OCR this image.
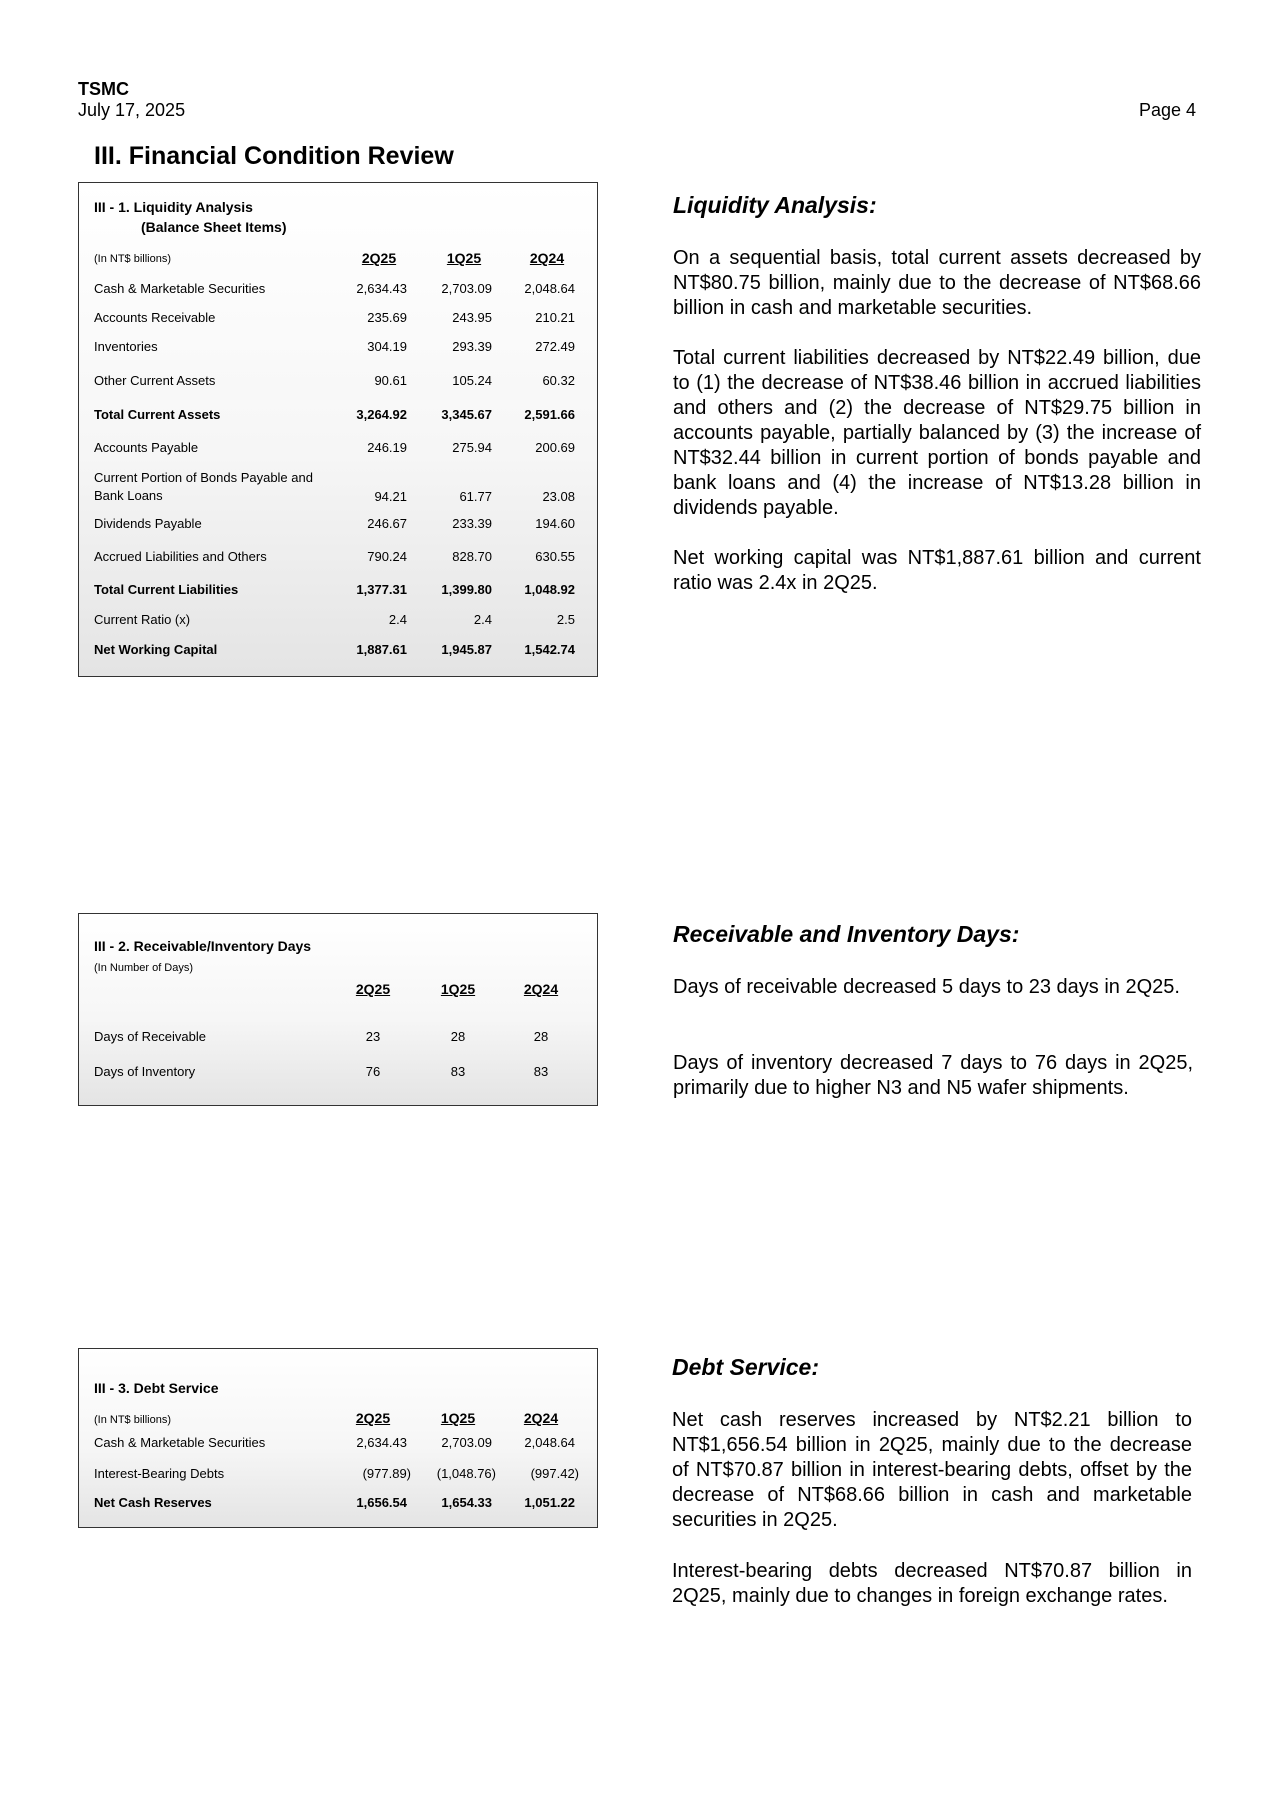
TSMC
July 17, 2025	Page 4
III. Financial Condition Review
III - 1. Liquidity Analysis
(Balance Sheet Items)
(In NT$ billions)	2Q25	1Q25	2Q24
Cash & Marketable Securities	2,634.43	2,703.09	2,048.64
Accounts Receivable	235.69	243.95	210.21
Inventories	304.19	293.39	272.49
Other Current Assets	90.61	105.24	60.32
Total Current Assets	3,264.92	3,345.67	2,591.66
Accounts Payable	246.19	275.94	200.69
Current Portion of Bonds Payable and
Bank Loans	94.21	61.77	23.08
Dividends Payable	246.67	233.39	194.60
Accrued Liabilities and Others	790.24	828.70	630.55
Total Current Liabilities	1,377.31	1,399.80	1,048.92
Current Ratio (x)	2.4	2.4	2.5
Net Working Capital	1,887.61	1,945.87	1,542.74
Liquidity Analysis:
On a sequential basis, total current assets decreased by NT$80.75 billion, mainly due to the decrease of NT$68.66 billion in cash and marketable securities.
Total current liabilities decreased by NT$22.49 billion, due to (1) the decrease of NT$38.46 billion in accrued liabilities and others and (2) the decrease of NT$29.75 billion in accounts payable, partially balanced by (3) the increase of NT$32.44 billion in current portion of bonds payable and bank loans and (4) the increase of NT$13.28 billion in dividends payable.
Net working capital was NT$1,887.61 billion and current ratio was 2.4x in 2Q25.
III - 2. Receivable/Inventory Days
(In Number of Days)
2Q25	1Q25	2Q24
Days of Receivable	23	28	28
Days of Inventory	76	83	83
Receivable and Inventory Days:
Days of receivable decreased 5 days to 23 days in 2Q25.
Days of inventory decreased 7 days to 76 days in 2Q25, primarily due to higher N3 and N5 wafer shipments.
III - 3. Debt Service
(In NT$ billions)	2Q25	1Q25	2Q24
Cash & Marketable Securities	2,634.43	2,703.09	2,048.64
Interest-Bearing Debts	(977.89)	(1,048.76)	(997.42)
Net Cash Reserves	1,656.54	1,654.33	1,051.22
Debt Service:
Net cash reserves increased by NT$2.21 billion to NT$1,656.54 billion in 2Q25, mainly due to the decrease of NT$70.87 billion in interest-bearing debts, offset by the decrease of NT$68.66 billion in cash and marketable securities in 2Q25.
Interest-bearing debts decreased NT$70.87 billion in 2Q25, mainly due to changes in foreign exchange rates.
